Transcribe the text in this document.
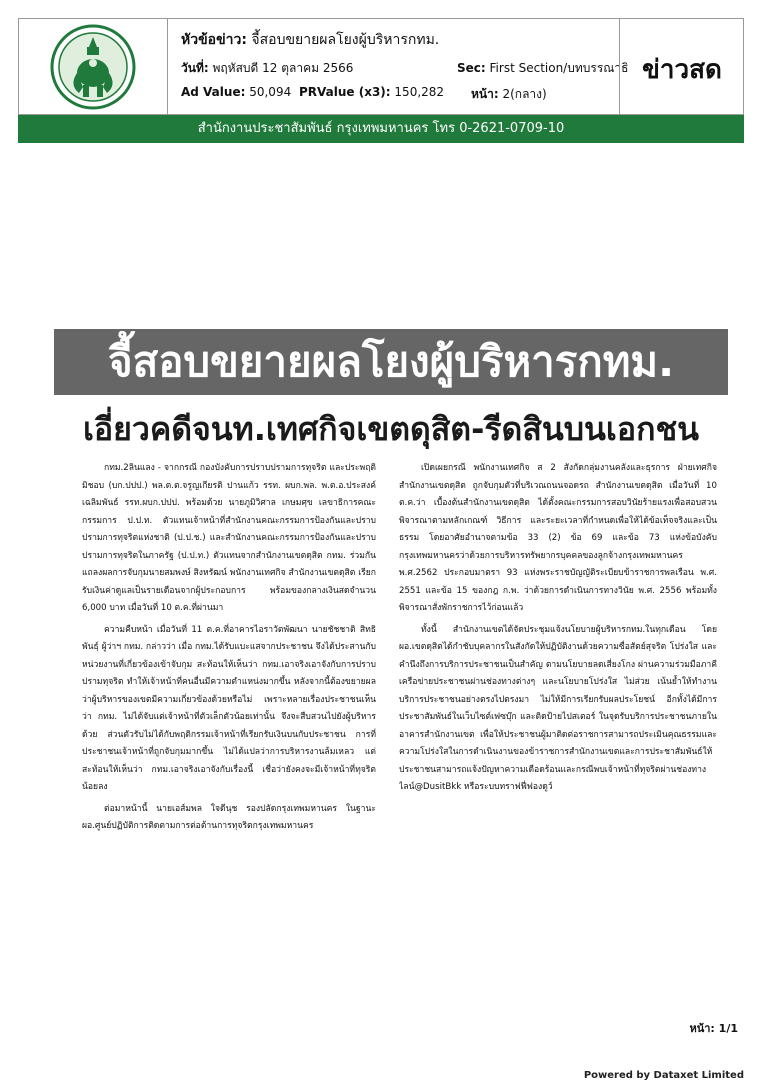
หัวข้อข่าว: จี้สอบขยายผลโยงผู้บริหารกทม.
วันที่: พฤหัสบดี 12 ตุลาคม 2566	Sec: First Section/บทบรรณาธิ
Ad Value: 50,094 PRValue (x3): 150,282 หน้า: 2(กลาง)
ข่าวสด
สำนักงานประชาสัมพันธ์ กรุงเทพมหานคร โทร 0-2621-0709-10
จี้สอบขยายผลโยงผู้บริหารกทม.
เอี่ยวคดีจนท.เทศกิจเขตดุสิต-รีดสินบนเอกชน

กทม.2ลินแลง - จากกรณี กองบังคับการปราบปรามการทุจริต และประพฤติมิชอบ (บก.ปปป.) พล.ต.ต.จรูญเกียรติ ปานแก้ว รรท. ผบก.พล. พ.ต.อ.ประสงค์ เฉลิมพันธ์ รรท.ผบก.ปปป. พร้อมด้วย นายภูมิวิศาล เกษมศุข เลขาธิการคณะกรรมการ ป.ป.ท. ตัวแทนเจ้าหน้าที่สำนักงานคณะกรรมการป้องกันและปราบปรามการทุจริตแห่งชาติ (ป.ป.ช.) และสำนักงานคณะกรรมการป้องกันและปราบปรามการทุจริตในภาครัฐ (ป.ป.ท.) ตัวแทนจากสำนักงานเขตดุสิต กทม. ร่วมกันแถลงผลการจับกุมนายสมพงษ์ สิงหรัฒน์ พนักงานเทศกิจ สำนักงานเขตดุสิต เรียกรับเงินค่าดูแลเป็นรายเดือนจากผู้ประกอบการ พร้อมของกลางเงินสดจำนวน 6,000 บาท เมื่อวันที่ 10 ต.ค.ที่ผ่านมา

ความคืบหน้า เมื่อวันที่ 11 ต.ค.ที่อาคารไอราวัตพัฒนา นายชัชชาติ สิทธิพันธุ์ ผู้ว่าฯ กทม. กล่าวว่า เมื่อ กทม.ได้รับแบะแสจากประชาชน จึงได้ประสานกับหน่วยงานที่เกี่ยวข้องเข้าจับกุม สะท้อนให้เห็นว่า กทม.เอาจริงเอาจังกับการปราบปรามทุจริต ทำให้เจ้าหน้าที่คนอื่นมีความตำแหน่งมากขึ้น หลังจากนี้ต้องขยายผลว่าผู้บริหารของเขตมีความเกี่ยวข้องด้วยหรือไม่ เพราะหลายเรื่องประชาชนเห็นว่า กทม. ไม่ได้จับแต่เจ้าหน้าที่ตัวเล็กตัวน้อยเท่านั้น จึงจะสืบสวนไปยังผู้บริหารด้วย ส่วนตัวรับไม่ได้กับพฤติกรรมเจ้าหน้าที่เรียกรับเงินบนกับประชาชน การที่ประชาชนเจ้าหน้าที่ถูกจับกุมมากขึ้น ไม่ได้แปลว่าการบริหารงานล้มเหลว แต่สะท้อนให้เห็นว่า กทม.เอาจริงเอาจังกับเรื่องนี้ เชื่อว่ายังคงจะมีเจ้าหน้าที่ทุจริตน้อยลง

ต่อมาหน้านี้ นายเอส์มพล ใจดีนุช รองปลัดกรุงเทพมหานคร ในฐานะผอ.ศูนย์ปฏิบัติการติดตามการต่อต้านการทุจริตกรุงเทพมหานคร

เปิดเผยกรณี พนักงานเทศกิจ ส 2 สังกัดกลุ่มงานคลังและธุรการ ฝ่ายเทศกิจ สำนักงานเขตดุสิต ถูกจับกุมตัวที่บริเวณถนนจอดรถ สำนักงานเขตดุสิต เมื่อวันที่ 10 ต.ค.ว่า เบื้องต้นสำนักงานเขตดุสิต ได้ตั้งคณะกรรมการสอบวินัยร้ายแรงเพื่อสอบสวนพิจารณาตามหลักเกณฑ์ วิธีการ และระยะเวลาที่กำหนดเพื่อให้ได้ข้อเท็จจริงและเป็นธรรม โดยอาศัยอำนาจตามข้อ 33 (2) ข้อ 69 และข้อ 73 แห่งข้อบังคับกรุงเทพมหานครว่าด้วยการบริหารทรัพยากรบุคคลของลูกจ้างกรุงเทพมหานคร พ.ศ.2562 ประกอบมาตรา 93 แห่งพระราชบัญญัติระเบียบข้าราชการพลเรือน พ.ศ. 2551 และข้อ 15 ของกฎ ก.พ. ว่าด้วยการดำเนินการทางวินัย พ.ศ. 2556 พร้อมทั้งพิจารณาสั่งพักราชการไว้ก่อนแล้ว

ทั้งนี้ สำนักงานเขตได้จัดประชุมแจ้งนโยบายผู้บริหารกทม.ในทุกเดือน โดยผอ.เขตดุสิตได้กำชับบุคลากรในสังกัดให้ปฏิบัติงานด้วยความซื่อสัตย์สุจริต โปร่งใส และคำนึงถึงการบริการประชาชนเป็นสำคัญ ตามนโยบายลดเสี่ยงโกง ผ่านความร่วมมือภาคีเครือข่ายประชาชนผ่านช่องทางต่างๆ และนโยบายโปร่งใส ไม่ส่วย เน้นย้ำให้ทำงานบริการประชาชนอย่างตรงไปตรงมา ไม่ให้มีการเรียกรับผลประโยชน์ อีกทั้งได้มีการประชาสัมพันธ์ในเว็บไซต์เฟซบุ๊ก และติดป้ายไปสเตอร์ ในจุดรับบริการประชาชนภายในอาคารสำนักงานเขต เพื่อให้ประชาชนผู้มาติดต่อราชการสามารถประเมินคุณธรรมและความโปร่งใสในการดำเนินงานของข้าราชการสำนักงานเขตและการประชาสัมพันธ์ให้ประชาชนสามารถแจ้งปัญหาความเดือดร้อนและกรณีพบเจ้าหน้าที่ทุจริตผ่านช่องทาง ไลน์@DusitBkk หรือระบบทราฟฟี่ฟองดูว์

หน้า: 1/1
Powered by Dataxet Limited
